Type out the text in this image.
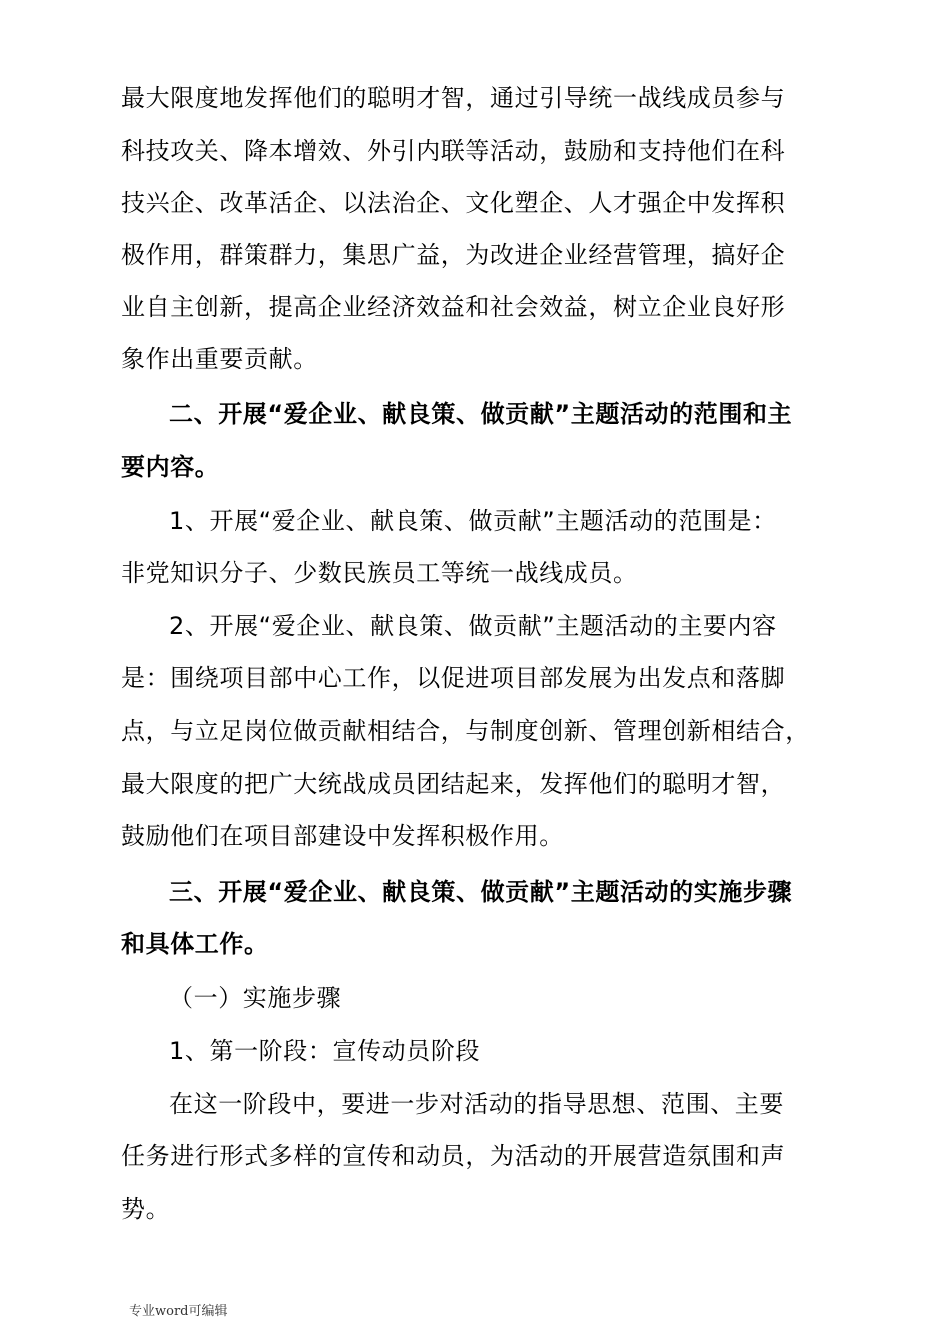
最大限度地发挥他们的聪明才智，通过引导统一战线成员参与
科技攻关、降本增效、外引内联等活动，鼓励和支持他们在科
技兴企、改革活企、以法治企、文化塑企、人才强企中发挥积
极作用，群策群力，集思广益，为改进企业经营管理，搞好企
业自主创新，提高企业经济效益和社会效益，树立企业良好形
象作出重要贡献。
二、开展“爱企业、献良策、做贡献”主题活动的范围和主
要内容。
1、开展“爱企业、献良策、做贡献”主题活动的范围是：
非党知识分子、少数民族员工等统一战线成员。
2、开展“爱企业、献良策、做贡献”主题活动的主要内容
是：围绕项目部中心工作，以促进项目部发展为出发点和落脚
点，与立足岗位做贡献相结合，与制度创新、管理创新相结合，
最大限度的把广大统战成员团结起来，发挥他们的聪明才智，
鼓励他们在项目部建设中发挥积极作用。
三、开展“爱企业、献良策、做贡献”主题活动的实施步骤
和具体工作。
（一）实施步骤
1、第一阶段：宣传动员阶段
在这一阶段中，要进一步对活动的指导思想、范围、主要
任务进行形式多样的宣传和动员，为活动的开展营造氛围和声
势。
专业word可编辑
